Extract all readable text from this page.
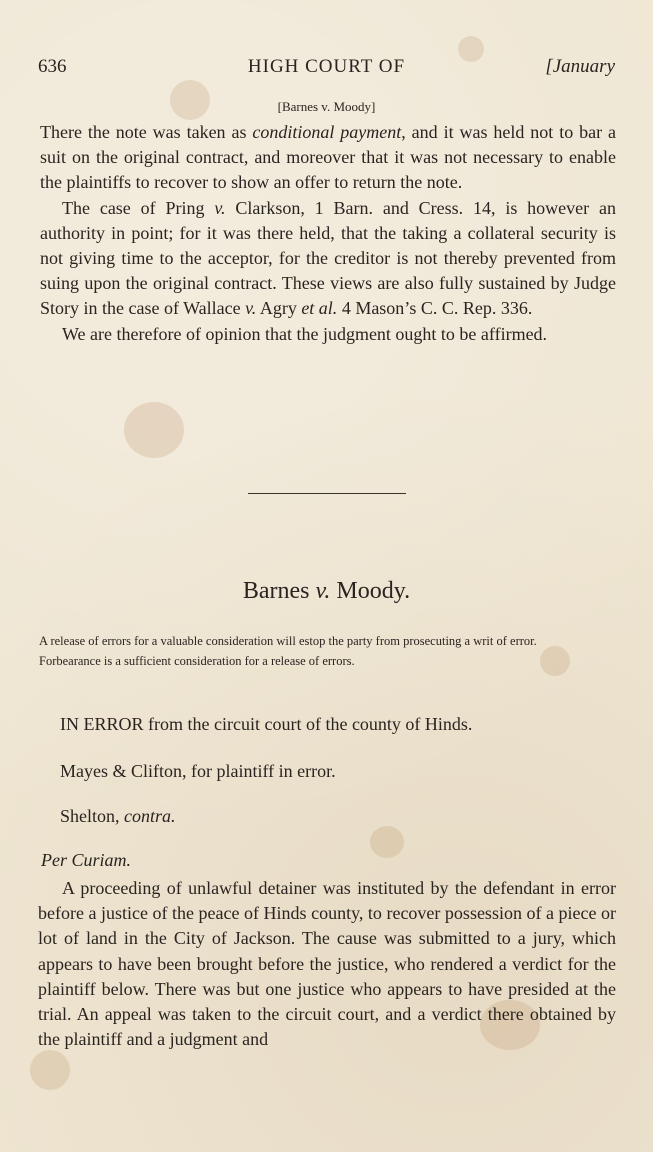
636	HIGH COURT OF	[January
[Barnes v. Moody]

There the note was taken as conditional payment, and it was held not to bar a suit on the original contract, and moreover that it was not necessary to enable the plaintiffs to recover to show an offer to return the note.

The case of Pring v. Clarkson, 1 Barn. and Cress. 14, is however an authority in point; for it was there held, that the taking a collateral security is not giving time to the acceptor, for the creditor is not thereby prevented from suing upon the original contract. These views are also fully sustained by Judge Story in the case of Wallace v. Agry et al. 4 Mason’s C. C. Rep. 336.

We are therefore of opinion that the judgment ought to be affirmed.

Barnes v. Moody.

A release of errors for a valuable consideration will estop the party from prosecuting a writ of error.

Forbearance is a sufficient consideration for a release of errors.

IN ERROR from the circuit court of the county of Hinds.
Mayes & Clifton, for plaintiff in error.
Shelton, contra.
Per Curiam.

A proceeding of unlawful detainer was instituted by the defendant in error before a justice of the peace of Hinds county, to recover possession of a piece or lot of land in the City of Jackson. The cause was submitted to a jury, which appears to have been brought before the justice, who rendered a verdict for the plaintiff below. There was but one justice who appears to have presided at the trial. An appeal was taken to the circuit court, and a verdict there obtained by the plaintiff and a judgment and
